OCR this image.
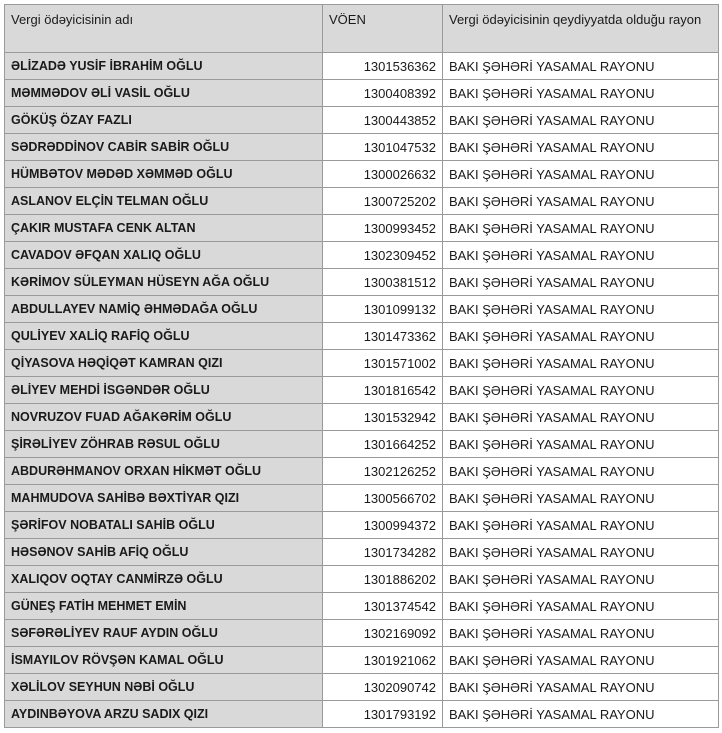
Vergi ödəyicisinin adı	VÖEN	Vergi ödəyicisinin qeydiyyatda olduğu rayon
ƏLİZADƏ YUSİF İBRAHİM OĞLU	1301536362	BAKI ŞƏHƏRİ YASAMAL RAYONU
MƏMMƏDOV ƏLİ VASİL OĞLU	1300408392	BAKI ŞƏHƏRİ YASAMAL RAYONU
GÖKÜŞ ÖZAY FAZLI	1300443852	BAKI ŞƏHƏRİ YASAMAL RAYONU
SƏDRƏDDİNOV CABİR SABİR OĞLU	1301047532	BAKI ŞƏHƏRİ YASAMAL RAYONU
HÜMBƏTOV MƏDƏD XƏMMƏD OĞLU	1300026632	BAKI ŞƏHƏRİ YASAMAL RAYONU
ASLANOV ELÇİN TELMAN OĞLU	1300725202	BAKI ŞƏHƏRİ YASAMAL RAYONU
ÇAKIR MUSTAFA CENK ALTAN	1300993452	BAKI ŞƏHƏRİ YASAMAL RAYONU
CAVADOV ƏFQAN XALIQ OĞLU	1302309452	BAKI ŞƏHƏRİ YASAMAL RAYONU
KƏRİMOV SÜLEYMAN HÜSEYN AĞA OĞLU	1300381512	BAKI ŞƏHƏRİ YASAMAL RAYONU
ABDULLAYEV NAMİQ ƏHMƏDAĞA OĞLU	1301099132	BAKI ŞƏHƏRİ YASAMAL RAYONU
QULİYEV XALİQ RAFİQ OĞLU	1301473362	BAKI ŞƏHƏRİ YASAMAL RAYONU
QİYASOVA HƏQİQƏT KAMRAN QIZI	1301571002	BAKI ŞƏHƏRİ YASAMAL RAYONU
ƏLİYEV MEHDİ İSGƏNDƏR OĞLU	1301816542	BAKI ŞƏHƏRİ YASAMAL RAYONU
NOVRUZOV FUAD AĞAKƏRİM OĞLU	1301532942	BAKI ŞƏHƏRİ YASAMAL RAYONU
ŞİRƏLİYEV ZÖHRAB RƏSUL OĞLU	1301664252	BAKI ŞƏHƏRİ YASAMAL RAYONU
ABDURƏHMANOV ORXAN HİKMƏT OĞLU	1302126252	BAKI ŞƏHƏRİ YASAMAL RAYONU
MAHMUDOVA SAHİBƏ BƏXTİYAR QIZI	1300566702	BAKI ŞƏHƏRİ YASAMAL RAYONU
ŞƏRİFOV NOBATALI SAHİB OĞLU	1300994372	BAKI ŞƏHƏRİ YASAMAL RAYONU
HƏSƏNOV SAHİB AFİQ OĞLU	1301734282	BAKI ŞƏHƏRİ YASAMAL RAYONU
XALIQOV OQTAY CANMİRZƏ OĞLU	1301886202	BAKI ŞƏHƏRİ YASAMAL RAYONU
GÜNEŞ FATİH MEHMET EMİN	1301374542	BAKI ŞƏHƏRİ YASAMAL RAYONU
SƏFƏRƏLİYEV RAUF AYDIN OĞLU	1302169092	BAKI ŞƏHƏRİ YASAMAL RAYONU
İSMAYILOV RÖVŞƏN KAMAL OĞLU	1301921062	BAKI ŞƏHƏRİ YASAMAL RAYONU
XƏLİLOV SEYHUN NƏBİ OĞLU	1302090742	BAKI ŞƏHƏRİ YASAMAL RAYONU
AYDINBƏYOVA ARZU SADIX QIZI	1301793192	BAKI ŞƏHƏRİ YASAMAL RAYONU
